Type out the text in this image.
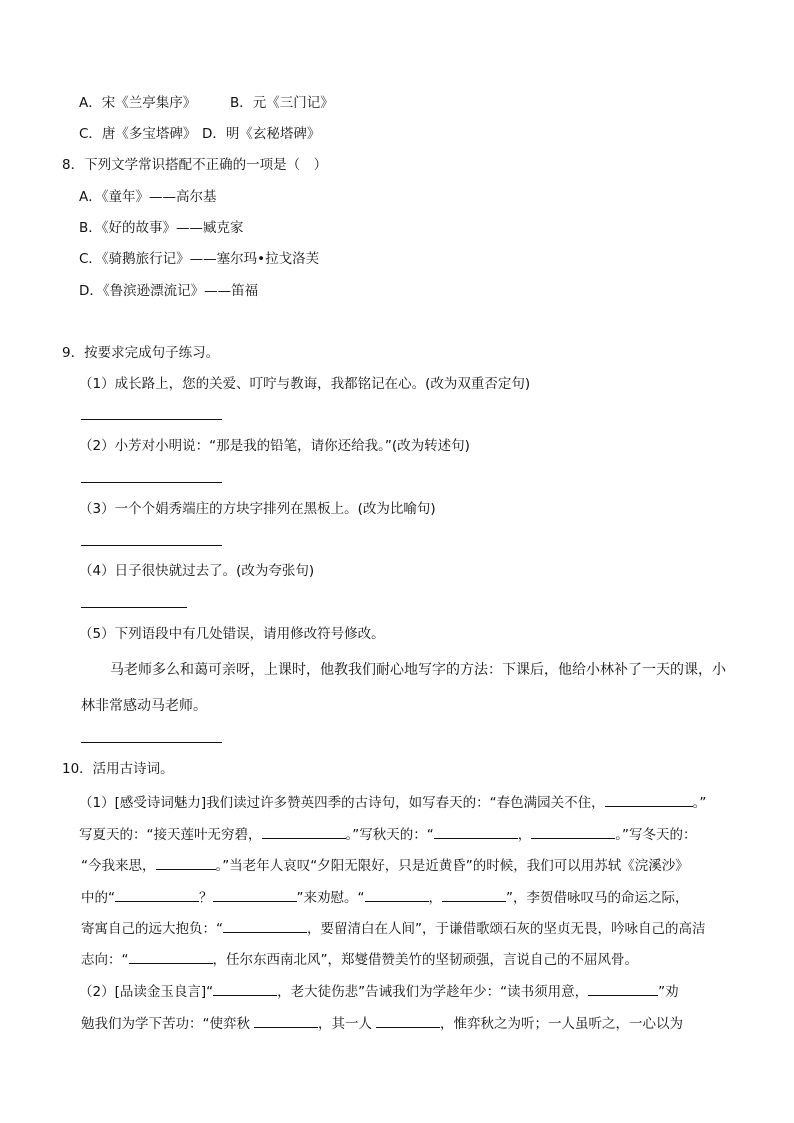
A．宋《兰亭集序》	B．元《三门记》
C．唐《多宝塔碑》 D．明《玄秘塔碑》
8．下列文学常识搭配不正确的一项是（　）
A．《童年》——高尔基
B．《好的故事》——臧克家
C．《骑鹅旅行记》——塞尔玛•拉戈洛芙
D．《鲁滨逊漂流记》——笛福
9．按要求完成句子练习。
（1）成长路上，您的关爱、叮咛与教诲，我都铭记在心。(改为双重否定句)
（2）小芳对小明说：“那是我的铅笔，请你还给我。”(改为转述句)
（3）一个个娟秀端庄的方块字排列在黑板上。(改为比喻句)
（4）日子很快就过去了。(改为夸张句)
（5）下列语段中有几处错误，请用修改符号修改。
马老师多么和蔼可亲呀，上课时，他教我们耐心地写字的方法：下课后，他给小林补了一天的课，小
林非常感动马老师。
10．活用古诗词。
（1）[感受诗词魅力]我们读过许多赞英四季的古诗句，如写春天的：“春色满园关不住，	。”
写夏天的：“接天莲叶无穷碧，	。”写秋天的：“	，	。”写冬天的：
“今我来思，	。”当老年人哀叹“夕阳无限好，只是近黄昏”的时候，我们可以用苏轼《浣溪沙》
中的“	？	”来劝慰。“	，	”，李贺借咏叹马的命运之际，
寄寓自己的远大抱负：“	，要留清白在人间”，于谦借歌颂石灰的坚贞无畏，吟咏自己的高洁
志向：“	，任尔东西南北风”，郑燮借赞美竹的坚韧顽强，言说自己的不屈风骨。
（2）[品读金玉良言]“	，老大徒伤悲”告诫我们为学趁年少：“读书须用意，	”劝
勉我们为学下苦功：“使弈秋	，其一人	，惟弈秋之为听；一人虽听之，一心以为
